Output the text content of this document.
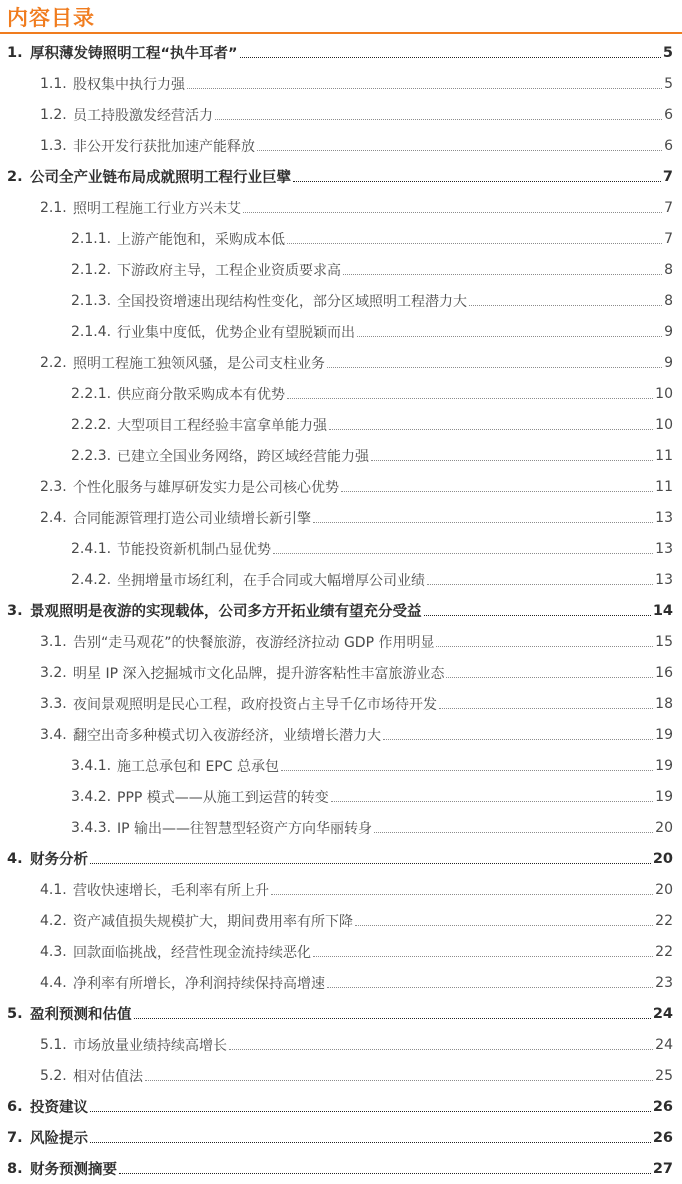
内容目录
1. 厚积薄发铸照明工程“执牛耳者”	5
1.1. 股权集中执行力强	5
1.2. 员工持股激发经营活力	6
1.3. 非公开发行获批加速产能释放	6
2. 公司全产业链布局成就照明工程行业巨擘	7
2.1. 照明工程施工行业方兴未艾	7
2.1.1. 上游产能饱和，采购成本低	7
2.1.2. 下游政府主导，工程企业资质要求高	8
2.1.3. 全国投资增速出现结构性变化，部分区域照明工程潜力大	8
2.1.4. 行业集中度低，优势企业有望脱颖而出	9
2.2. 照明工程施工独领风骚，是公司支柱业务	9
2.2.1. 供应商分散采购成本有优势	10
2.2.2. 大型项目工程经验丰富拿单能力强	10
2.2.3. 已建立全国业务网络，跨区域经营能力强	11
2.3. 个性化服务与雄厚研发实力是公司核心优势	11
2.4. 合同能源管理打造公司业绩增长新引擎	13
2.4.1. 节能投资新机制凸显优势	13
2.4.2. 坐拥增量市场红利，在手合同或大幅增厚公司业绩	13
3. 景观照明是夜游的实现载体，公司多方开拓业绩有望充分受益	14
3.1. 告别“走马观花”的快餐旅游，夜游经济拉动 GDP 作用明显	15
3.2. 明星 IP 深入挖掘城市文化品牌，提升游客粘性丰富旅游业态	16
3.3. 夜间景观照明是民心工程，政府投资占主导千亿市场待开发	18
3.4. 翻空出奇多种模式切入夜游经济，业绩增长潜力大	19
3.4.1. 施工总承包和 EPC 总承包	19
3.4.2. PPP 模式——从施工到运营的转变	19
3.4.3. IP 输出——往智慧型轻资产方向华丽转身	20
4. 财务分析	20
4.1. 营收快速增长，毛利率有所上升	20
4.2. 资产减值损失规模扩大，期间费用率有所下降	22
4.3. 回款面临挑战，经营性现金流持续恶化	22
4.4. 净利率有所增长，净利润持续保持高增速	23
5. 盈利预测和估值	24
5.1. 市场放量业绩持续高增长	24
5.2. 相对估值法	25
6. 投资建议	26
7. 风险提示	26
8. 财务预测摘要	27
